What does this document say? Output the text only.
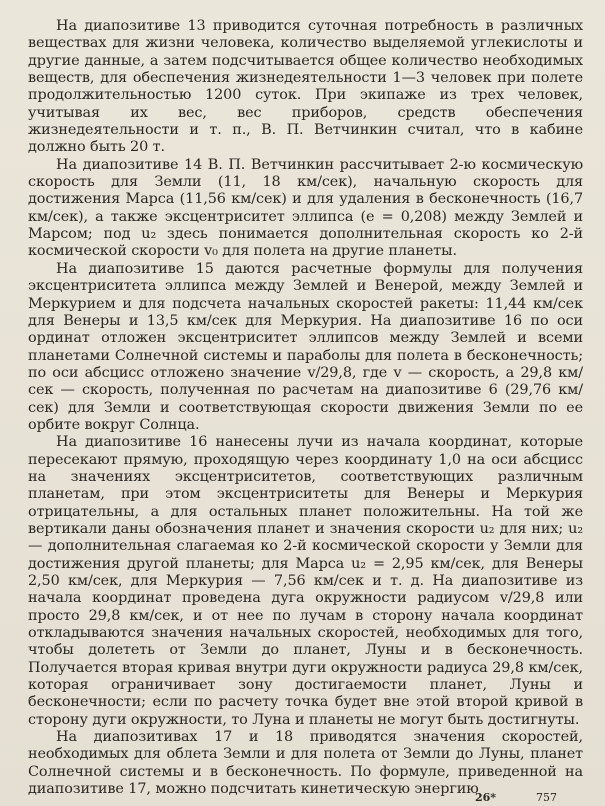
На диапозитиве 13 приводится суточная потребность в различных веществах для жизни человека, количество выделяемой углекислоты и другие данные, а затем подсчитывается общее количество необходимых веществ, для обеспечения жизнедеятельности 1—3 человек при полете продолжительностью 1200 суток. При экипаже из трех человек, учитывая их вес, вес приборов, средств обеспечения жизнедеятельности и т. п., В. П. Ветчинкин считал, что в кабине должно быть 20 т.

На диапозитиве 14 В. П. Ветчинкин рассчитывает 2-ю космическую скорость для Земли (11, 18 км/сек), начальную скорость для достижения Марса (11,56 км/сек) и для удаления в бесконечность (16,7 км/сек), а также эксцентриситет эллипса (e = 0,208) между Землей и Марсом; под u₂ здесь понимается дополнительная скорость ко 2-й космической скорости v₀ для полета на другие планеты.

На диапозитиве 15 даются расчетные формулы для получения эксцентриситета эллипса между Землей и Венерой, между Землей и Меркурием и для подсчета начальных скоростей ракеты: 11,44 км/сек для Венеры и 13,5 км/сек для Меркурия. На диапозитиве 16 по оси ординат отложен эксцентриситет эллипсов между Землей и всеми планетами Солнечной системы и параболы для полета в бесконечность; по оси абсцисс отложено значение v/29,8, где v — скорость, а 29,8 км/сек — скорость, полученная по расчетам на диапозитиве 6 (29,76 км/сек) для Земли и соответствующая скорости движения Земли по ее орбите вокруг Солнца.

На диапозитиве 16 нанесены лучи из начала координат, которые пересекают прямую, проходящую через координату 1,0 на оси абсцисс на значениях эксцентриситетов, соответствующих различным планетам, при этом эксцентриситеты для Венеры и Меркурия отрицательны, а для остальных планет положительны. На той же вертикали даны обозначения планет и значения скорости u₂ для них; u₂ — дополнительная слагаемая ко 2-й космической скорости у Земли для достижения другой планеты; для Марса u₂ = 2,95 км/сек, для Венеры 2,50 км/сек, для Меркурия — 7,56 км/сек и т. д. На диапозитиве из начала координат проведена дуга окружности радиусом v/29,8 или просто 29,8 км/сек, и от нее по лучам в сторону начала координат откладываются значения начальных скоростей, необходимых для того, чтобы долететь от Земли до планет, Луны и в бесконечность. Получается вторая кривая внутри дуги окружности радиуса 29,8 км/сек, которая ограничивает зону достигаемости планет, Луны и бесконечности; если по расчету точка будет вне этой второй кривой в сторону дуги окружности, то Луна и планеты не могут быть достигнуты.

На диапозитивах 17 и 18 приводятся значения скоростей, необходимых для облета Земли и для полета от Земли до Луны, планет Солнечной системы и в бесконечность. По формуле, приведенной на диапозитиве 17, можно подсчитать кинетическую энергию

26*	757
